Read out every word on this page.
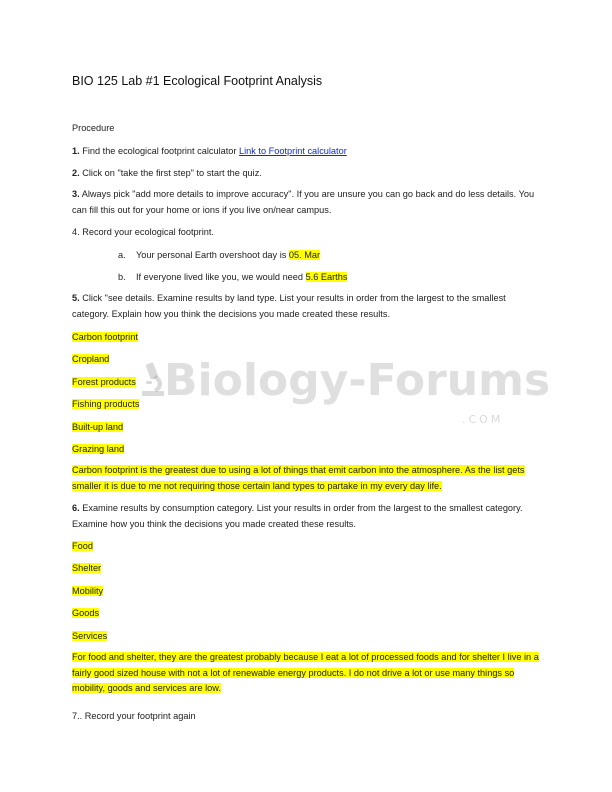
BIO 125 Lab #1 Ecological Footprint Analysis
Procedure
1. Find the ecological footprint calculator Link to Footprint calculator
2. Click on "take the first step" to start the quiz.
3. Always pick "add more details to improve accuracy". If you are unsure you can go back and do less details. You can fill this out for your home or ions if you live on/near campus.
4. Record your ecological footprint.
a. Your personal Earth overshoot day is 05. Mar
b. If everyone lived like you, we would need 5.6 Earths
5. Click "see details. Examine results by land type. List your results in order from the largest to the smallest category. Explain how you think the decisions you made created these results.
Carbon footprint
Cropland
Forest products
Fishing products
Built-up land
Grazing land
Carbon footprint is the greatest due to using a lot of things that emit carbon into the atmosphere. As the list gets smaller it is due to me not requiring those certain land types to partake in my every day life.
6. Examine results by consumption category. List your results in order from the largest to the smallest category. Examine how you think the decisions you made created these results.
Food
Shelter
Mobility
Goods
Services
For food and shelter, they are the greatest probably because I eat a lot of processed foods and for shelter I live in a fairly good sized house with not a lot of renewable energy products. I do not drive a lot or use many things so mobility, goods and services are low.
7.. Record your footprint again
Biology-Forums
.COM
